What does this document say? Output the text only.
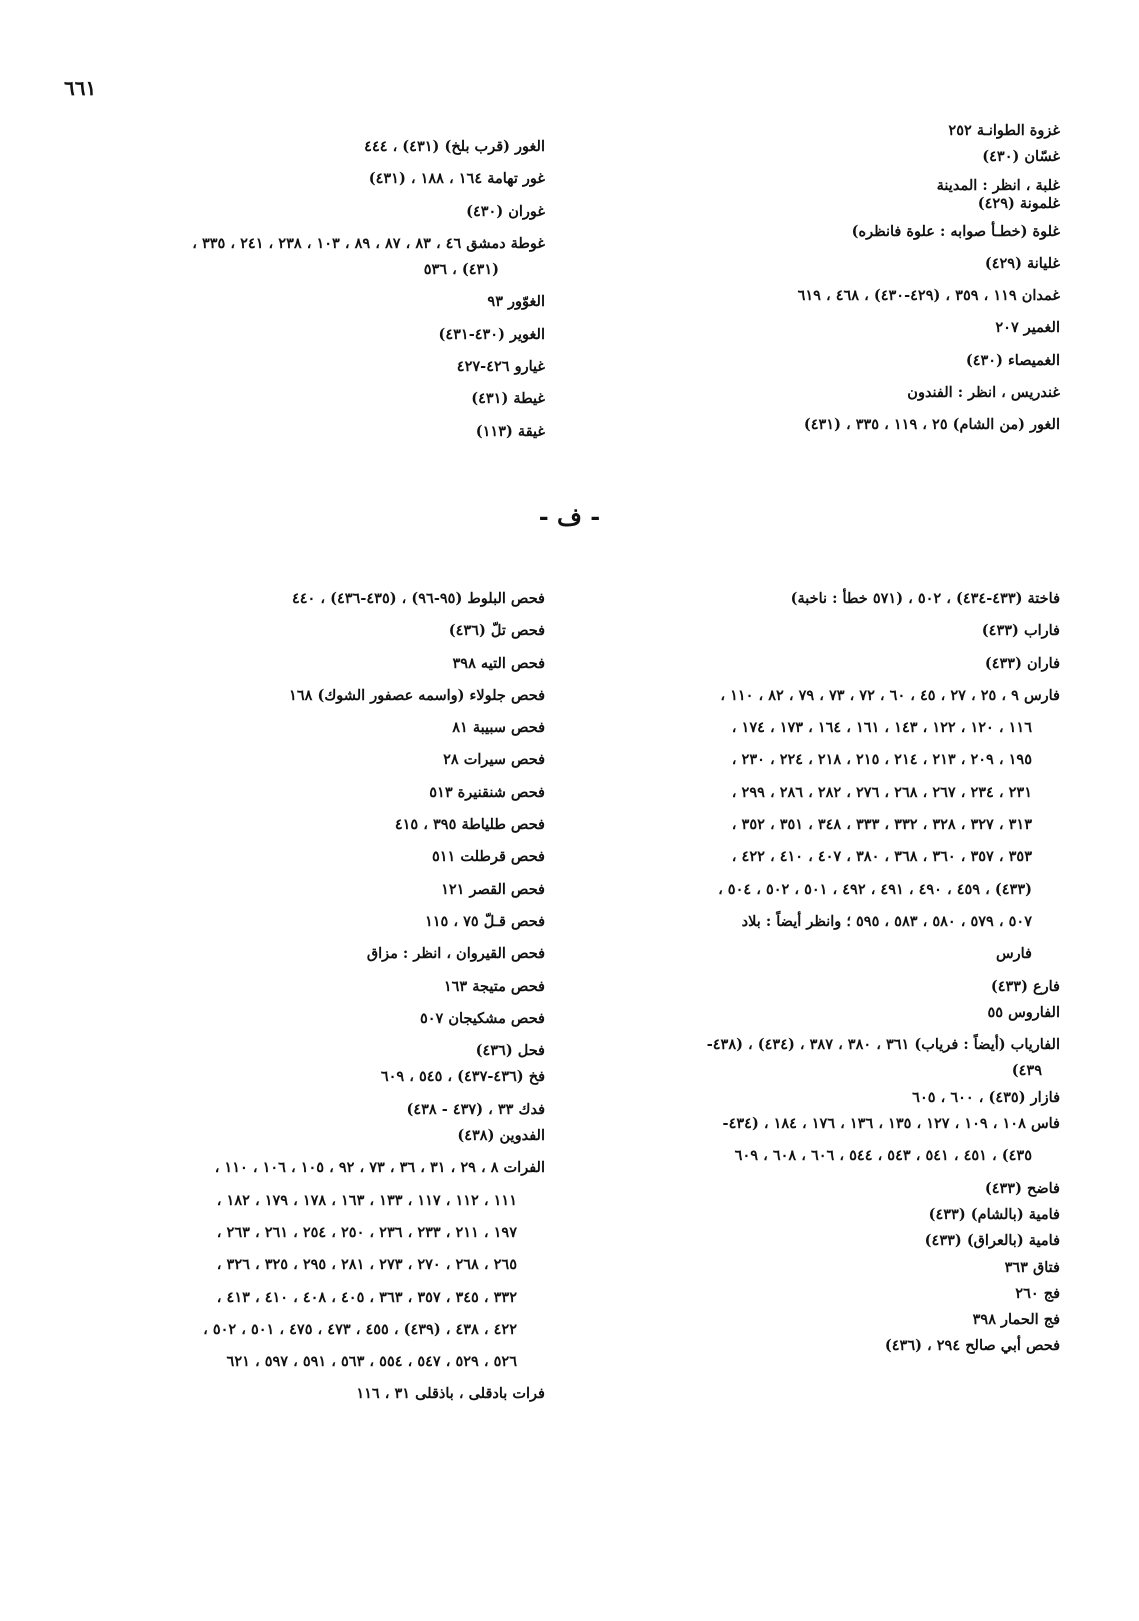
٦٦١
غزوة الطوانـة ٢٥٢
غسّان (٤٣٠)
غلبة ، انظر : المدينة
غلمونة (٤٢٩)
غلوة (خطـأ صوابه : علوة فانظره)
غليانة (٤٢٩)
غمدان ١١٩ ، ٣٥٩ ، (٤٢٩-٤٣٠) ، ٤٦٨ ، ٦١٩
الغمير ٢٠٧
الغميصاء (٤٣٠)
غندريس ، انظر : الفندون
الغور (من الشام) ٢٥ ، ١١٩ ، ٣٣٥ ، (٤٣١)
الغور (قرب بلخ) (٤٣١) ، ٤٤٤
غور تهامة ١٦٤ ، ١٨٨ ، (٤٣١)
غوران (٤٣٠)
غوطة دمشق ٤٦ ، ٨٣ ، ٨٧ ، ٨٩ ، ١٠٣ ، ٢٣٨ ، ٢٤١ ، ٣٣٥ ،
(٤٣١) ، ٥٣٦
الغوّور ٩٣
الغوير (٤٣٠-٤٣١)
غيارو ٤٢٦-٤٢٧
غيطة (٤٣١)
غيقة (١١٣)
- ف -
فاختة (٤٣٣-٤٣٤) ، ٥٠٢ ، (٥٧١ خطأ : ناخبة)
فاراب (٤٣٣)
فاران (٤٣٣)
فارس ٩ ، ٢٥ ، ٢٧ ، ٤٥ ، ٦٠ ، ٧٢ ، ٧٣ ، ٧٩ ، ٨٢ ، ١١٠ ،
١١٦ ، ١٢٠ ، ١٢٢ ، ١٤٣ ، ١٦١ ، ١٦٤ ، ١٧٣ ، ١٧٤ ،
١٩٥ ، ٢٠٩ ، ٢١٣ ، ٢١٤ ، ٢١٥ ، ٢١٨ ، ٢٢٤ ، ٢٣٠ ،
٢٣١ ، ٢٣٤ ، ٢٦٧ ، ٢٦٨ ، ٢٧٦ ، ٢٨٢ ، ٢٨٦ ، ٢٩٩ ،
٣١٣ ، ٣٢٧ ، ٣٢٨ ، ٣٣٢ ، ٣٣٣ ، ٣٤٨ ، ٣٥١ ، ٣٥٢ ،
٣٥٣ ، ٣٥٧ ، ٣٦٠ ، ٣٦٨ ، ٣٨٠ ، ٤٠٧ ، ٤١٠ ، ٤٢٢ ،
(٤٣٣) ، ٤٥٩ ، ٤٩٠ ، ٤٩١ ، ٤٩٢ ، ٥٠١ ، ٥٠٢ ، ٥٠٤ ،
٥٠٧ ، ٥٧٩ ، ٥٨٠ ، ٥٨٣ ، ٥٩٥ ؛ وانظر أيضاً : بلاد
فارس
فارع (٤٣٣)
الفاروس ٥٥
الفارياب (أيضاً : فرياب) ٣٦١ ، ٣٨٠ ، ٣٨٧ ، (٤٣٤) ، (٤٣٨-
٤٣٩)
فازار (٤٣٥) ، ٦٠٠ ، ٦٠٥
فاس ١٠٨ ، ١٠٩ ، ١٢٧ ، ١٣٥ ، ١٣٦ ، ١٧٦ ، ١٨٤ ، (٤٣٤-
٤٣٥) ، ٤٥١ ، ٥٤١ ، ٥٤٣ ، ٥٤٤ ، ٦٠٦ ، ٦٠٨ ، ٦٠٩
فاضح (٤٣٣)
فامية (بالشام) (٤٣٣)
فامية (بالعراق) (٤٣٣)
فتاق ٣٦٣
فج ٢٦٠
فج الحمار ٣٩٨
فحص أبي صالح ٢٩٤ ، (٤٣٦)
فحص البلوط (٩٥-٩٦) ، (٤٣٥-٤٣٦) ، ٤٤٠
فحص تلّ (٤٣٦)
فحص التيه ٣٩٨
فحص جلولاء (واسمه عصفور الشوك) ١٦٨
فحص سبيبة ٨١
فحص سيرات ٢٨
فحص شنقنيرة ٥١٣
فحص طلياطة ٣٩٥ ، ٤١٥
فحص قرطلت ٥١١
فحص القصر ١٢١
فحص قـلّ ٧٥ ، ١١٥
فحص القيروان ، انظر : مزاق
فحص متيجة ١٦٣
فحص مشكيجان ٥٠٧
فحل (٤٣٦)
فخ (٤٣٦-٤٣٧) ، ٥٤٥ ، ٦٠٩
فدك ٣٣ ، (٤٣٧ - ٤٣٨)
الفدوين (٤٣٨)
الفرات ٨ ، ٢٩ ، ٣١ ، ٣٦ ، ٧٣ ، ٩٢ ، ١٠٥ ، ١٠٦ ، ١١٠ ،
١١١ ، ١١٢ ، ١١٧ ، ١٣٣ ، ١٦٣ ، ١٧٨ ، ١٧٩ ، ١٨٢ ،
١٩٧ ، ٢١١ ، ٢٣٣ ، ٢٣٦ ، ٢٥٠ ، ٢٥٤ ، ٢٦١ ، ٢٦٣ ،
٢٦٥ ، ٢٦٨ ، ٢٧٠ ، ٢٧٣ ، ٢٨١ ، ٢٩٥ ، ٣٢٥ ، ٣٢٦ ،
٣٣٢ ، ٣٤٥ ، ٣٥٧ ، ٣٦٣ ، ٤٠٥ ، ٤٠٨ ، ٤١٠ ، ٤١٣ ،
٤٢٢ ، ٤٣٨ ، (٤٣٩) ، ٤٥٥ ، ٤٧٣ ، ٤٧٥ ، ٥٠١ ، ٥٠٢ ،
٥٢٦ ، ٥٢٩ ، ٥٤٧ ، ٥٥٤ ، ٥٦٣ ، ٥٩١ ، ٥٩٧ ، ٦٢١
فرات بادقلى ، باذقلى ٣١ ، ١١٦
